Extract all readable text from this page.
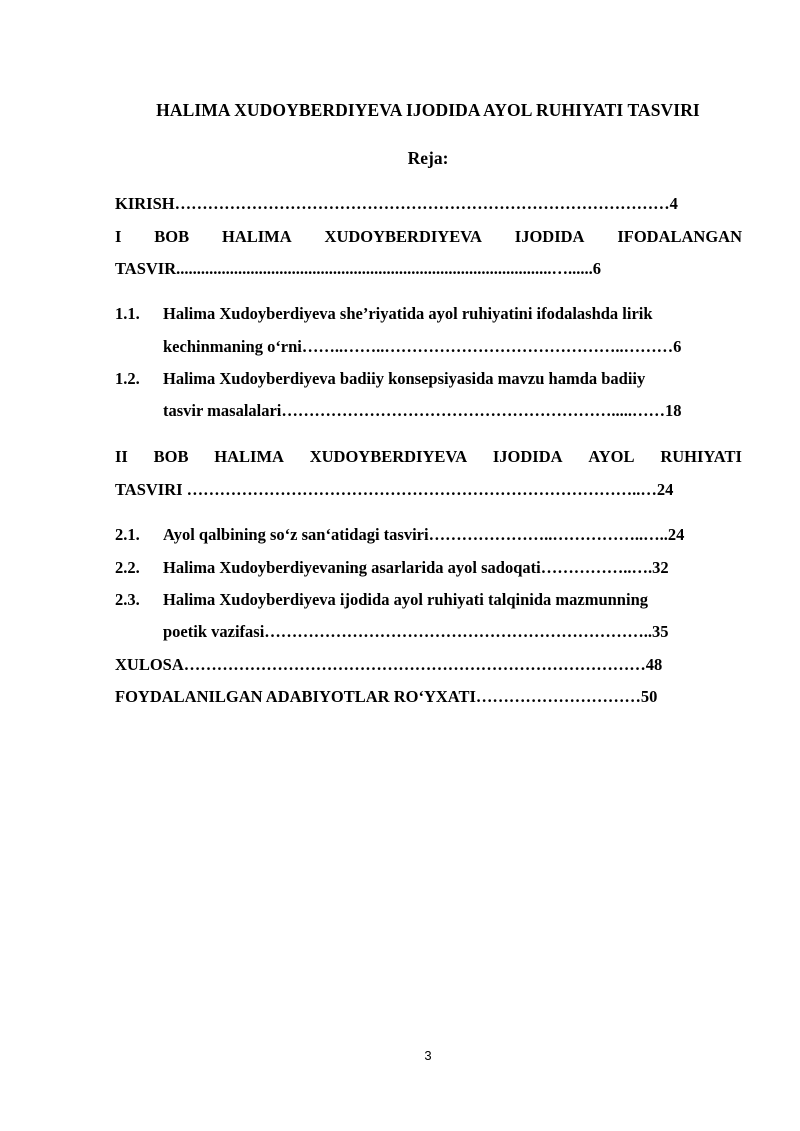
HALIMA XUDOYBERDIYEVA IJODIDA AYOL RUHIYATI TASVIRI
Reja:
KIRISH………………………………………………………………………………4
I BOB HALIMA XUDOYBERDIYEVA IJODIDA IFODALANGAN
TASVIR...........................................................................................…......6
1.1. Halima Xudoyberdiyeva she’riyatida ayol ruhiyatini ifodalashda lirik
kechinmaning o‘rni……..……..……………………………………..………6
1.2. Halima Xudoyberdiyeva badiiy konsepsiyasida mavzu hamda badiiy
tasvir masalalari…………………………………………………….....……18
II BOB HALIMA XUDOYBERDIYEVA IJODIDA AYOL RUHIYATI
TASVIRI ………………………………………………………………………..…24
2.1. Ayol qalbining so‘z san‘atidagi tasviri…………………..……………..…..24
2.2. Halima Xudoyberdiyevaning asarlarida ayol sadoqati……………..….32
2.3. Halima Xudoyberdiyeva ijodida ayol ruhiyati talqinida mazmunning
poetik vazifasi……………………………………………………………..35
XULOSA…………………………………………………………………………48
FOYDALANILGAN ADABIYOTLAR RO‘YXATI…………………………50
3
